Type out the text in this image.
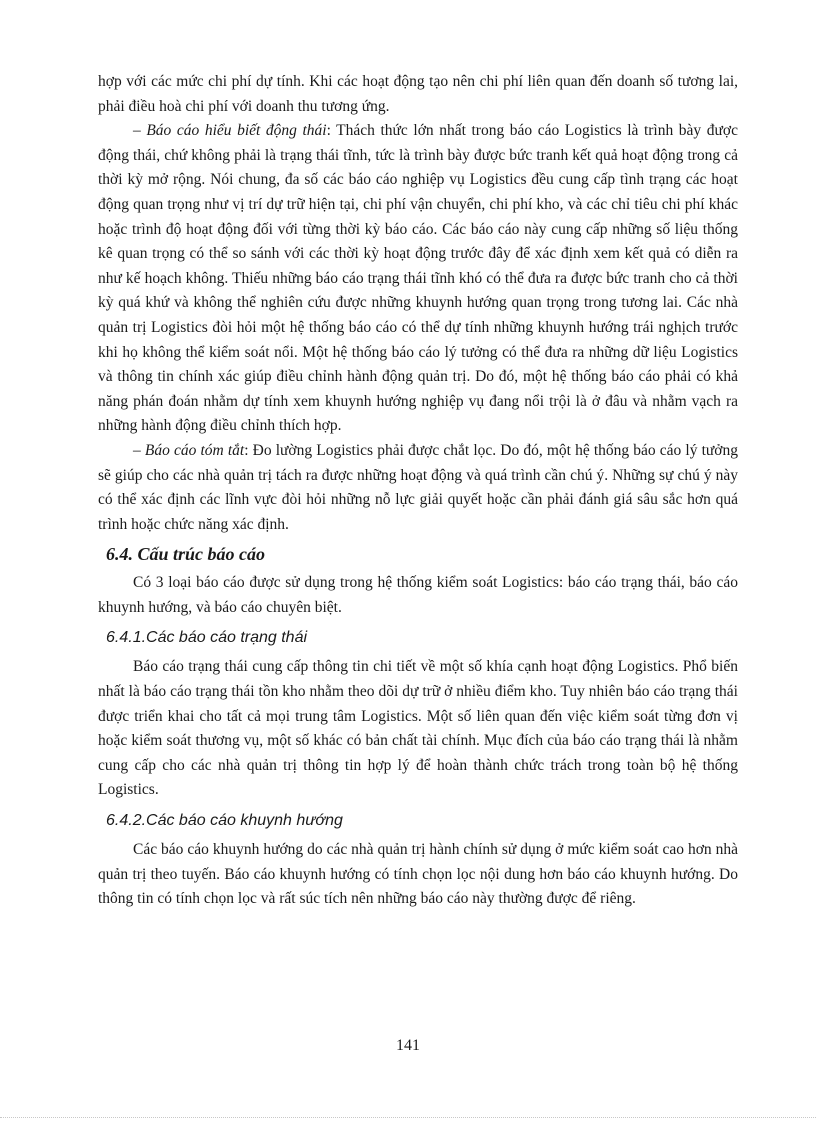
hợp với các mức chi phí dự tính. Khi các hoạt động tạo nên chi phí liên quan đến doanh số tương lai, phải điều hoà chi phí với doanh thu tương ứng.

– Báo cáo hiểu biết động thái: Thách thức lớn nhất trong báo cáo Logistics là trình bày được động thái, chứ không phải là trạng thái tĩnh, tức là trình bày được bức tranh kết quả hoạt động trong cả thời kỳ mở rộng. Nói chung, đa số các báo cáo nghiệp vụ Logistics đều cung cấp tình trạng các hoạt động quan trọng như vị trí dự trữ hiện tại, chi phí vận chuyển, chi phí kho, và các chỉ tiêu chi phí khác hoặc trình độ hoạt động đối với từng thời kỳ báo cáo. Các báo cáo này cung cấp những số liệu thống kê quan trọng có thể so sánh với các thời kỳ hoạt động trước đây để xác định xem kết quả có diễn ra như kế hoạch không. Thiếu những báo cáo trạng thái tĩnh khó có thể đưa ra được bức tranh cho cả thời kỳ quá khứ và không thể nghiên cứu được những khuynh hướng quan trọng trong tương lai. Các nhà quản trị Logistics đòi hỏi một hệ thống báo cáo có thể dự tính những khuynh hướng trái nghịch trước khi họ không thể kiểm soát nổi. Một hệ thống báo cáo lý tưởng có thể đưa ra những dữ liệu Logistics và thông tin chính xác giúp điều chỉnh hành động quản trị. Do đó, một hệ thống báo cáo phải có khả năng phán đoán nhằm dự tính xem khuynh hướng nghiệp vụ đang nổi trội là ở đâu và nhằm vạch ra những hành động điều chỉnh thích hợp.

– Báo cáo tóm tắt: Đo lường Logistics phải được chắt lọc. Do đó, một hệ thống báo cáo lý tưởng sẽ giúp cho các nhà quản trị tách ra được những hoạt động và quá trình cần chú ý. Những sự chú ý này có thể xác định các lĩnh vực đòi hỏi những nỗ lực giải quyết hoặc cần phải đánh giá sâu sắc hơn quá trình hoặc chức năng xác định.

6.4. Cấu trúc báo cáo

Có 3 loại báo cáo được sử dụng trong hệ thống kiểm soát Logistics: báo cáo trạng thái, báo cáo khuynh hướng, và báo cáo chuyên biệt.

6.4.1.Các báo cáo trạng thái

Báo cáo trạng thái cung cấp thông tin chi tiết về một số khía cạnh hoạt động Logistics. Phổ biến nhất là báo cáo trạng thái tồn kho nhằm theo dõi dự trữ ở nhiều điểm kho. Tuy nhiên báo cáo trạng thái được triển khai cho tất cả mọi trung tâm Logistics. Một số liên quan đến việc kiểm soát từng đơn vị hoặc kiểm soát thương vụ, một số khác có bản chất tài chính. Mục đích của báo cáo trạng thái là nhằm cung cấp cho các nhà quản trị thông tin hợp lý để hoàn thành chức trách trong toàn bộ hệ thống Logistics.

6.4.2.Các báo cáo khuynh hướng

Các báo cáo khuynh hướng do các nhà quản trị hành chính sử dụng ở mức kiểm soát cao hơn nhà quản trị theo tuyến. Báo cáo khuynh hướng có tính chọn lọc nội dung hơn báo cáo khuynh hướng. Do thông tin có tính chọn lọc và rất súc tích nên những báo cáo này thường được để riêng.

141
